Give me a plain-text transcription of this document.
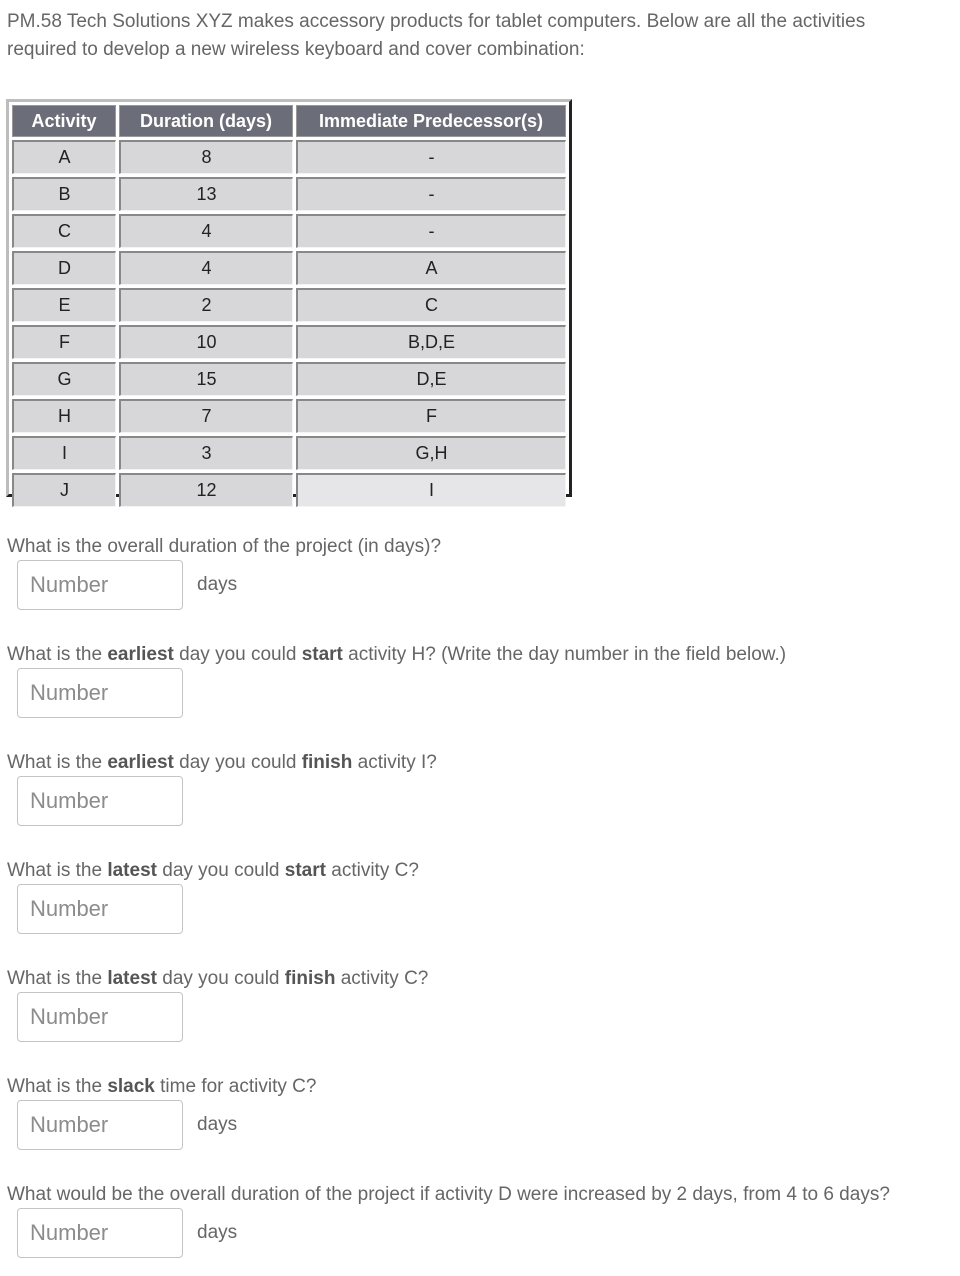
PM.58 Tech Solutions XYZ makes accessory products for tablet computers. Below are all the activities required to develop a new wireless keyboard and cover combination:

Activity	Duration (days)	Immediate Predecessor(s)
A	8	-
B	13	-
C	4	-
D	4	A
E	2	C
F	10	B,D,E
G	15	D,E
H	7	F
I	3	G,H
J	12	I

What is the overall duration of the project (in days)?

Number
days

What is the earliest day you could start activity H? (Write the day number in the field below.)

Number

What is the earliest day you could finish activity I?

Number

What is the latest day you could start activity C?

Number

What is the latest day you could finish activity C?

Number

What is the slack time for activity C?

Number
days

What would be the overall duration of the project if activity D were increased by 2 days, from 4 to 6 days?

Number
days
